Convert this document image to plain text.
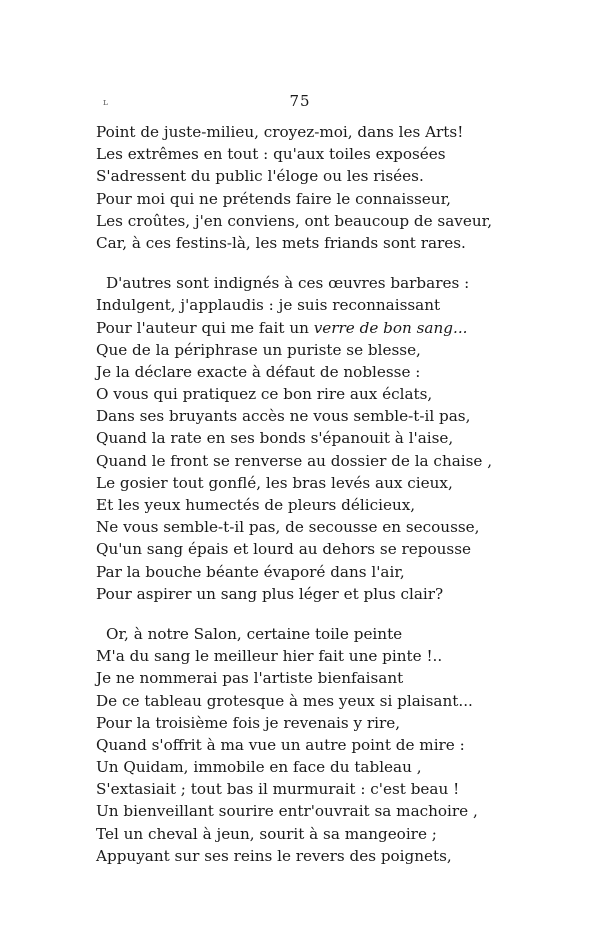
ʟ	75
Point de juste-milieu, croyez-moi, dans les Arts!
Les extrêmes en tout : qu'aux toiles exposées
S'adressent du public l'éloge ou les risées.
Pour moi qui ne prétends faire le connaisseur,
Les croûtes, j'en conviens, ont beaucoup de saveur,
Car, à ces festins-là, les mets friands sont rares.
D'autres sont indignés à ces œuvres barbares :
Indulgent, j'applaudis : je suis reconnaissant
Pour l'auteur qui me fait un verre de bon sang...
Que de la périphrase un puriste se blesse,
Je la déclare exacte à défaut de noblesse :
O vous qui pratiquez ce bon rire aux éclats,
Dans ses bruyants accès ne vous semble-t-il pas,
Quand la rate en ses bonds s'épanouit à l'aise,
Quand le front se renverse au dossier de la chaise ,
Le gosier tout gonflé, les bras levés aux cieux,
Et les yeux humectés de pleurs délicieux,
Ne vous semble-t-il pas, de secousse en secousse,
Qu'un sang épais et lourd au dehors se repousse
Par la bouche béante évaporé dans l'air,
Pour aspirer un sang plus léger et plus clair?
Or, à notre Salon, certaine toile peinte
M'a du sang le meilleur hier fait une pinte !..
Je ne nommerai pas l'artiste bienfaisant
De ce tableau grotesque à mes yeux si plaisant...
Pour la troisième fois je revenais y rire,
Quand s'offrit à ma vue un autre point de mire :
Un Quidam, immobile en face du tableau ,
S'extasiait ; tout bas il murmurait : c'est beau !
Un bienveillant sourire entr'ouvrait sa machoire ,
Tel un cheval à jeun, sourit à sa mangeoire ;
Appuyant sur ses reins le revers des poignets,
